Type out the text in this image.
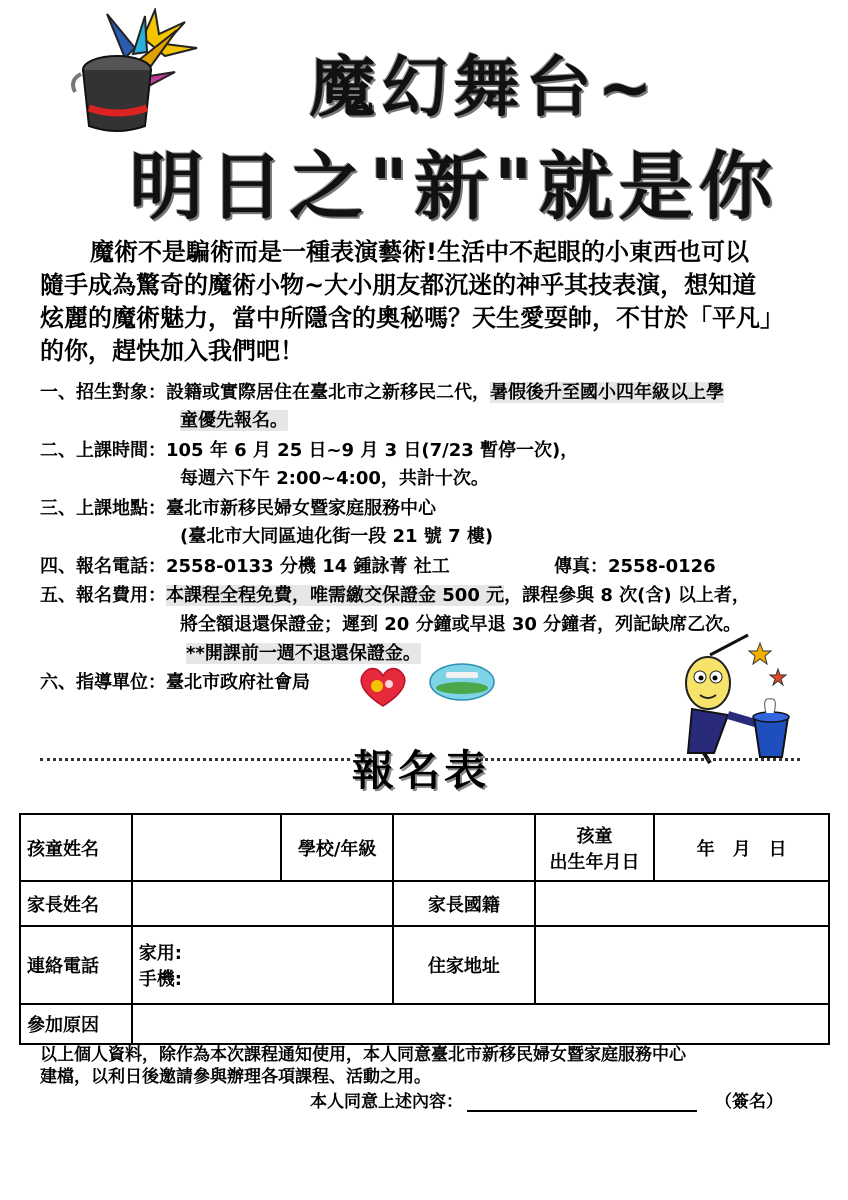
魔幻舞台~
明日之"新"就是你
魔術不是騙術而是一種表演藝術!生活中不起眼的小東西也可以
隨手成為驚奇的魔術小物~大小朋友都沉迷的神乎其技表演，想知道
炫麗的魔術魅力，當中所隱含的奧秘嗎？天生愛耍帥，不甘於「平凡」
的你，趕快加入我們吧！
一、招生對象：設籍或實際居住在臺北市之新移民二代，暑假後升至國小四年級以上學
童優先報名。
二、上課時間：105 年 6 月 25 日~9 月 3 日(7/23 暫停一次)，
每週六下午 2:00~4:00，共計十次。
三、上課地點：臺北市新移民婦女暨家庭服務中心
(臺北市大同區迪化街一段 21 號 7 樓)
四、報名電話：2558-0133 分機 14 鍾詠菁 社工	傳真：2558-0126
五、報名費用：本課程全程免費，唯需繳交保證金 500 元，課程參與 8 次(含) 以上者，
將全額退還保證金；遲到 20 分鐘或早退 30 分鐘者，列記缺席乙次。
**開課前一週不退還保證金。
六、指導單位：臺北市政府社會局
報名表
孩童姓名		學校/年級		孩童
出生年月日	年　月　日
家長姓名			家長國籍		
連絡電話	家用:
手機:		住家地址		
參加原因					
以上個人資料，除作為本次課程通知使用，本人同意臺北市新移民婦女暨家庭服務中心
建檔，以利日後邀請參與辦理各項課程、活動之用。
本人同意上述內容：	（簽名）
